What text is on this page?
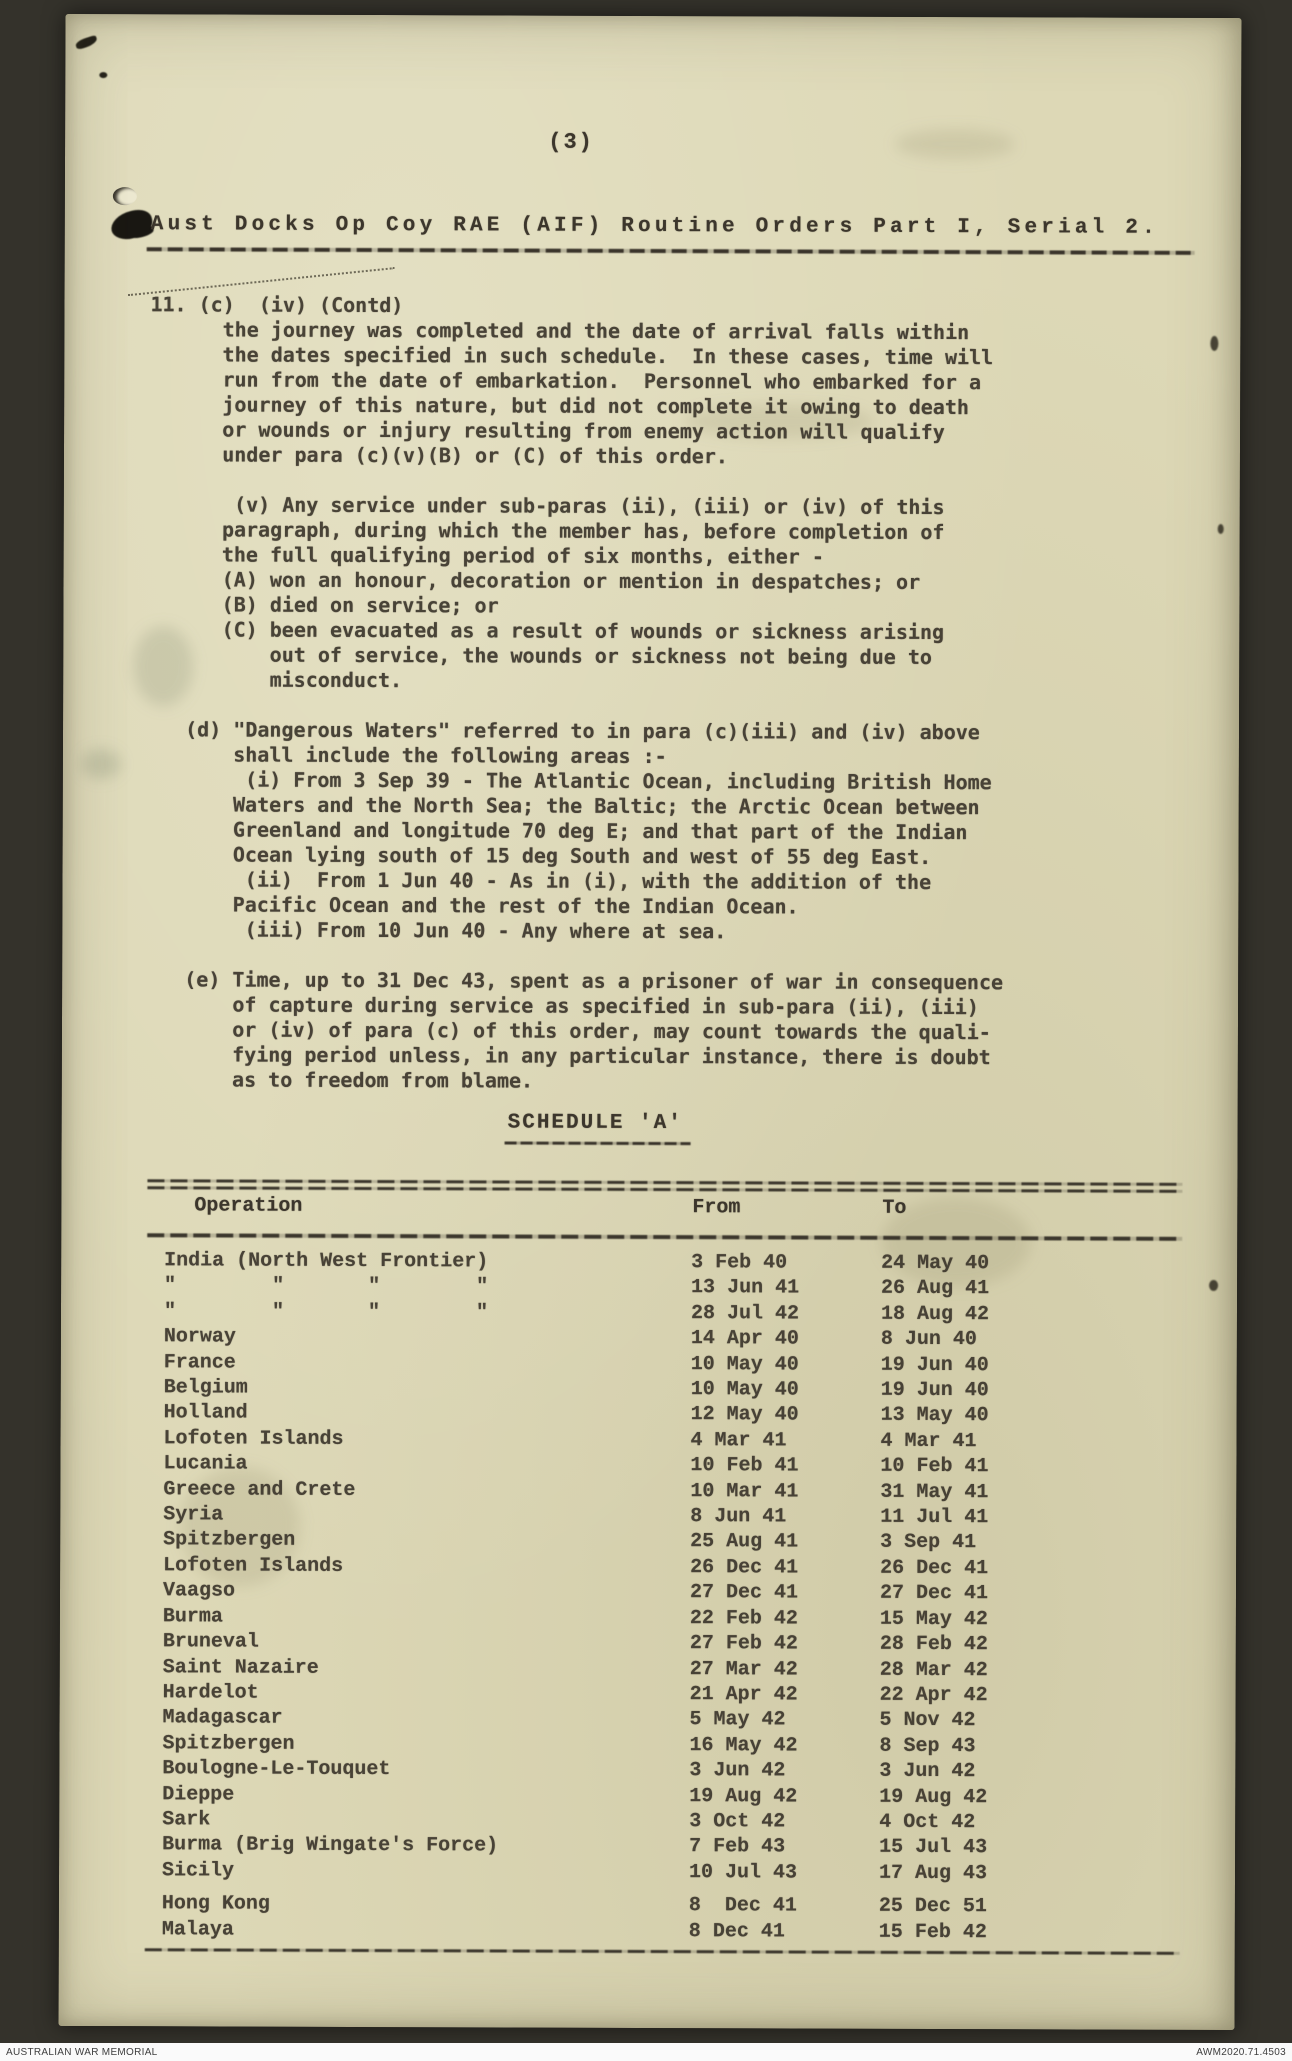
(3)
Aust Docks Op Coy RAE (AIF) Routine Orders Part I, Serial 2.
11. (c)  (iv) (Contd)
the journey was completed and the date of arrival falls within
the dates specified in such schedule.  In these cases, time will
run from the date of embarkation.  Personnel who embarked for a
journey of this nature, but did not complete it owing to death
or wounds or injury resulting from enemy action will qualify
under para (c)(v)(B) or (C) of this order.

(v) Any service under sub-paras (ii), (iii) or (iv) of this
paragraph, during which the member has, before completion of
the full qualifying period of six months, either -
(A) won an honour, decoration or mention in despatches; or
(B) died on service; or
(C) been evacuated as a result of wounds or sickness arising
out of service, the wounds or sickness not being due to
misconduct.

(d) "Dangerous Waters" referred to in para (c)(iii) and (iv) above
shall include the following areas :-
(i) From 3 Sep 39 - The Atlantic Ocean, including British Home
Waters and the North Sea; the Baltic; the Arctic Ocean between
Greenland and longitude 70 deg E; and that part of the Indian
Ocean lying south of 15 deg South and west of 55 deg East.
(ii)  From 1 Jun 40 - As in (i), with the addition of the
Pacific Ocean and the rest of the Indian Ocean.
(iii) From 10 Jun 40 - Any where at sea.

(e) Time, up to 31 Dec 43, spent as a prisoner of war in consequence
of capture during service as specified in sub-para (ii), (iii)
or (iv) of para (c) of this order, may count towards the quali-
fying period unless, in any particular instance, there is doubt
as to freedom from blame.
SCHEDULE 'A'
Operation	From	To
India (North West Frontier)	3 Feb 40	24 May 40
"        "       "        "	13 Jun 41	26 Aug 41
"        "       "        "	28 Jul 42	18 Aug 42
Norway	14 Apr 40	8 Jun 40
France	10 May 40	19 Jun 40
Belgium	10 May 40	19 Jun 40
Holland	12 May 40	13 May 40
Lofoten Islands	4 Mar 41	4 Mar 41
Lucania	10 Feb 41	10 Feb 41
Greece and Crete	10 Mar 41	31 May 41
Syria	8 Jun 41	11 Jul 41
Spitzbergen	25 Aug 41	3 Sep 41
Lofoten Islands	26 Dec 41	26 Dec 41
Vaagso	27 Dec 41	27 Dec 41
Burma	22 Feb 42	15 May 42
Bruneval	27 Feb 42	28 Feb 42
Saint Nazaire	27 Mar 42	28 Mar 42
Hardelot	21 Apr 42	22 Apr 42
Madagascar	5 May 42	5 Nov 42
Spitzbergen	16 May 42	8 Sep 43
Boulogne-Le-Touquet	3 Jun 42	3 Jun 42
Dieppe	19 Aug 42	19 Aug 42
Sark	3 Oct 42	4 Oct 42
Burma (Brig Wingate's Force)	7 Feb 43	15 Jul 43
Sicily	10 Jul 43	17 Aug 43
Hong Kong	8  Dec 41	25 Dec 51
Malaya	8 Dec 41	15 Feb 42
AUSTRALIAN WAR MEMORIAL	AWM2020.71.4503
